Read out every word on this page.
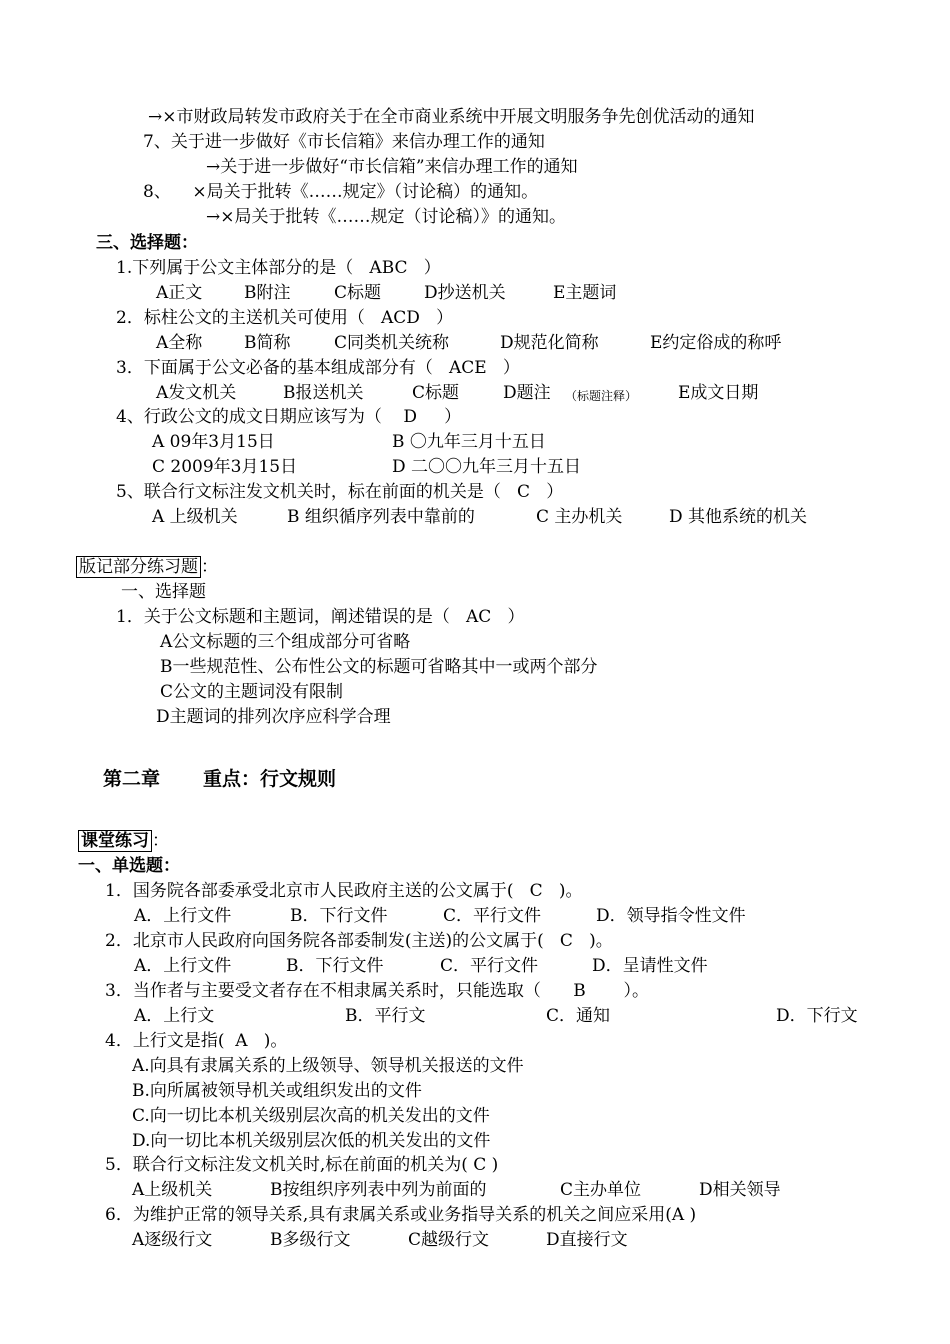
→×市财政局转发市政府关于在全市商业系统中开展文明服务争先创优活动的通知
7、关于进一步做好《市长信箱》来信办理工作的通知
→关于进一步做好“市长信箱”来信办理工作的通知
8、    ×局关于批转《……规定》（讨论稿）的通知。
→×局关于批转《……规定（讨论稿）》的通知。
三、选择题：
1.下列属于公文主体部分的是（   ABC   ）
A正文 B附注	C标题	D抄送机关	E主题词
2．标柱公文的主送机关可使用（   ACD   ）
A全称 B简称	C同类机关统称	D规范化简称	E约定俗成的称呼
3．下面属于公文必备的基本组成部分有（   ACE   ）
A发文机关	B报送机关	C标题	D题注 （标题注释） E成文日期
4、行政公文的成文日期应该写为（    D     ）
A 09年3月15日	B 〇九年三月十五日
C 2009年3月15日	D 二〇〇九年三月十五日
5、联合行文标注发文机关时，标在前面的机关是（   C   ）
A 上级机关	B 组织循序列表中靠前的	C 主办机关	D 其他系统的机关
版记部分练习题 ：
一、选择题
1．关于公文标题和主题词，阐述错误的是（   AC   ）
A公文标题的三个组成部分可省略
B一些规范性、公布性公文的标题可省略其中一或两个部分
C公文的主题词没有限制
D主题词的排列次序应科学合理
第二章 重点：行文规则
课堂练习 ：
一、单选题：
1．国务院各部委承受北京市人民政府主送的公文属于(   C   )。
A．上行文件	B．下行文件	C．平行文件	D．领导指令性文件
2．北京市人民政府向国务院各部委制发(主送)的公文属于(   C   )。
A．上行文件	B．下行文件	C．平行文件	D．呈请性文件
3．当作者与主要受文者存在不相隶属关系时，只能选取（      B       ）。
A．上行文	B．平行文	C．通知	D．下行文
4．上行文是指(  A   )。
A.向具有隶属关系的上级领导、领导机关报送的文件
B.向所属被领导机关或组织发出的文件
C.向一切比本机关级别层次高的机关发出的文件
D.向一切比本机关级别层次低的机关发出的文件
5．联合行文标注发文机关时,标在前面的机关为( C )
A上级机关	B按组织序列表中列为前面的	C主办单位	D相关领导
6．为维护正常的领导关系,具有隶属关系或业务指导关系的机关之间应采用(A )
A逐级行文	B多级行文	C越级行文	D直接行文
